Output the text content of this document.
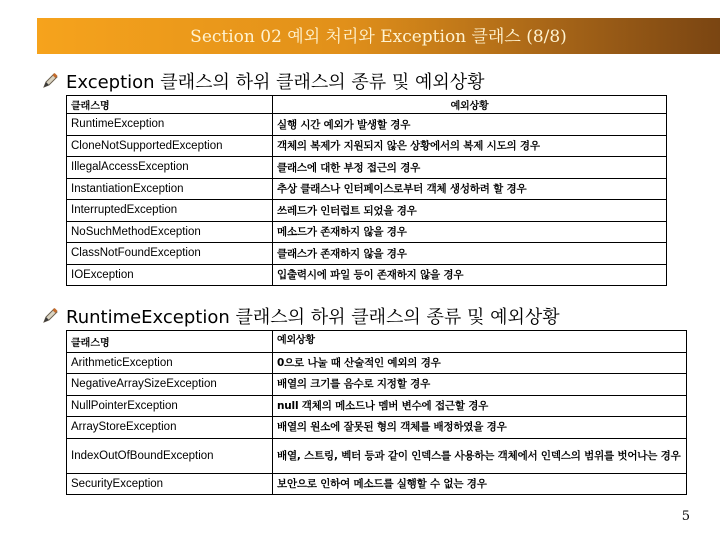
Section 02 예외 처리와 Exception 클래스 (8/8)
Exception 클래스의 하위 클래스의 종류 및 예외상황
클래스명	예외상황
RuntimeException	실행 시간 예외가 발생할 경우
CloneNotSupportedException	객체의 복제가 지원되지 않은 상황에서의 복제 시도의 경우
IllegalAccessException	클래스에 대한 부정 접근의 경우
InstantiationException	추상 클래스나 인터페이스로부터 객체 생성하려 할 경우
InterruptedException	쓰레드가 인터럽트 되었을 경우
NoSuchMethodException	메소드가 존재하지 않을 경우
ClassNotFoundException	클래스가 존재하지 않을 경우
IOException	입출력시에 파일 등이 존재하지 않을 경우
RuntimeException 클래스의 하위 클래스의 종류 및 예외상황
클래스명	예외상황
ArithmeticException	0으로 나눌 때 산술적인 예외의 경우
NegativeArraySizeException	배열의 크기를 음수로 지정할 경우
NullPointerException	null 객체의 메소드나 멤버 변수에 접근할 경우
ArrayStoreException	배열의 원소에 잘못된 형의 객체를 배정하였을 경우
IndexOutOfBoundException	배열, 스트링, 벡터 등과 같이 인덱스를 사용하는 객체에서 인덱스의 범위를 벗어나는 경우
SecurityException	보안으로 인하여 메소드를 실행할 수 없는 경우
5
